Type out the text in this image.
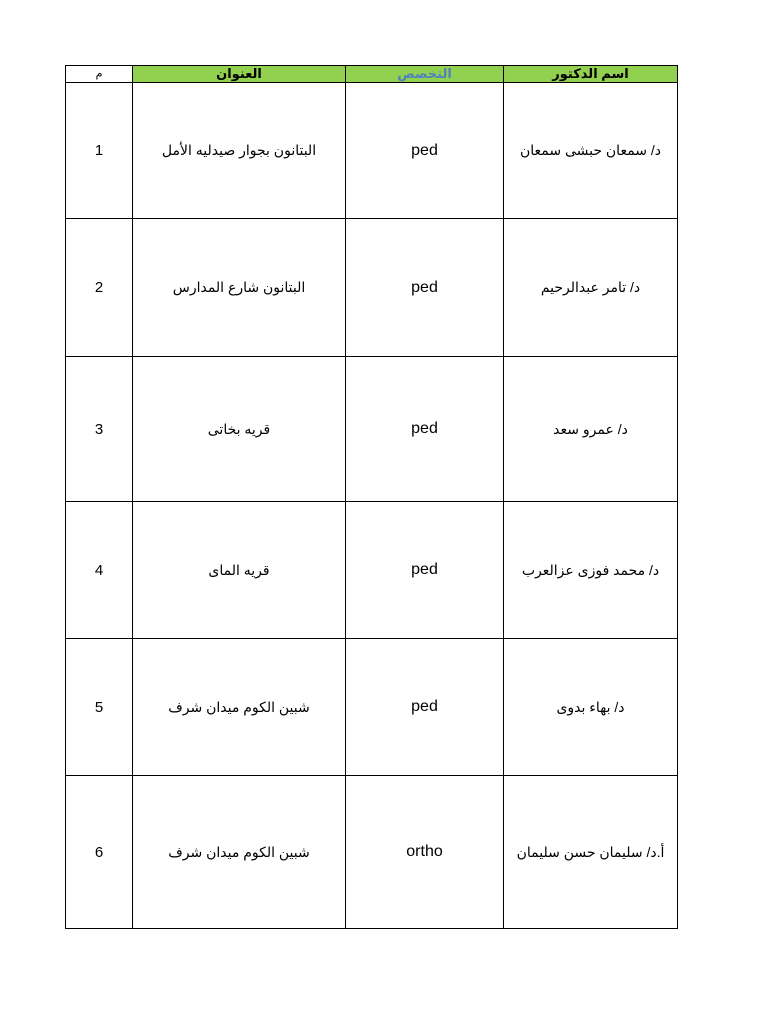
م	العنوان	التخصص	اسم الدكتور
1	البتانون بجوار صيدليه الأمل	ped	د/ سمعان حبشى سمعان
2	البتانون شارع المدارس	ped	د/ تامر عبدالرحيم
3	قريه بخاتى	ped	د/ عمرو سعد
4	قريه الماى	ped	د/ محمد فوزى عزالعرب
5	شبين الكوم ميدان شرف	ped	د/ بهاء بدوى
6	شبين الكوم ميدان شرف	ortho	أ.د/ سليمان حسن سليمان
